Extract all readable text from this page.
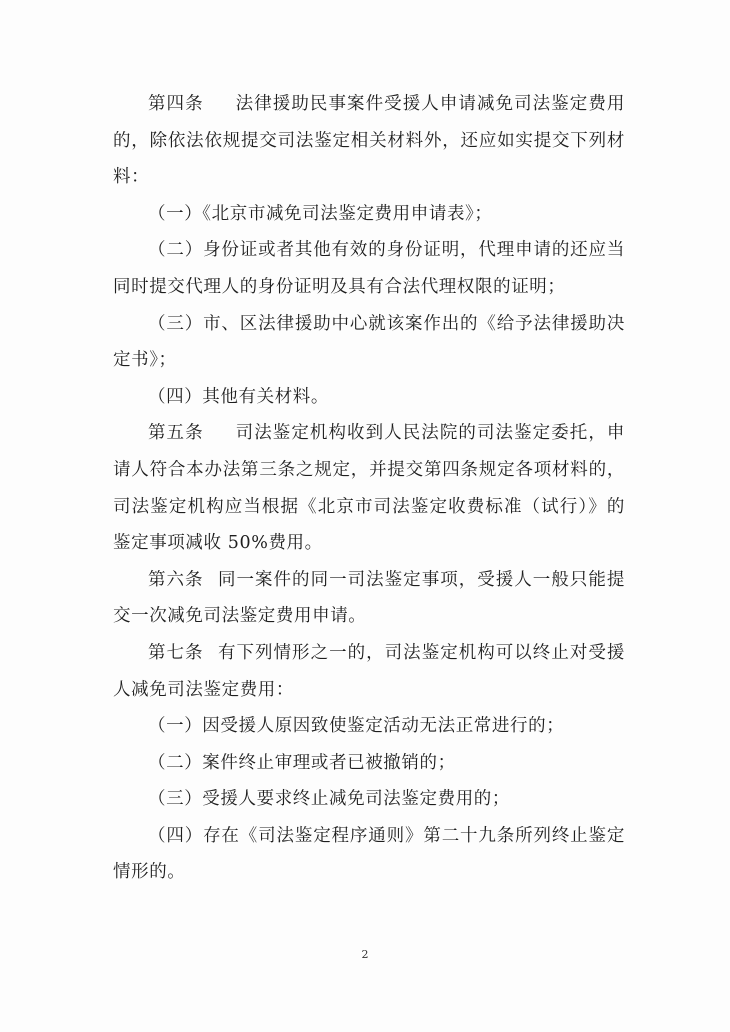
第四条 法律援助民事案件受援人申请减免司法鉴定费用的，除依法依规提交司法鉴定相关材料外，还应如实提交下列材料：

（一）《北京市减免司法鉴定费用申请表》；

（二）身份证或者其他有效的身份证明，代理申请的还应当同时提交代理人的身份证明及具有合法代理权限的证明；

（三）市、区法律援助中心就该案作出的《给予法律援助决定书》；

（四）其他有关材料。

第五条 司法鉴定机构收到人民法院的司法鉴定委托，申请人符合本办法第三条之规定，并提交第四条规定各项材料的，司法鉴定机构应当根据《北京市司法鉴定收费标准（试行）》的鉴定事项减收 50%费用。

第六条 同一案件的同一司法鉴定事项，受援人一般只能提交一次减免司法鉴定费用申请。

第七条 有下列情形之一的，司法鉴定机构可以终止对受援人减免司法鉴定费用：

（一）因受援人原因致使鉴定活动无法正常进行的；

（二）案件终止审理或者已被撤销的；

（三）受援人要求终止减免司法鉴定费用的；

（四）存在《司法鉴定程序通则》第二十九条所列终止鉴定情形的。

2
